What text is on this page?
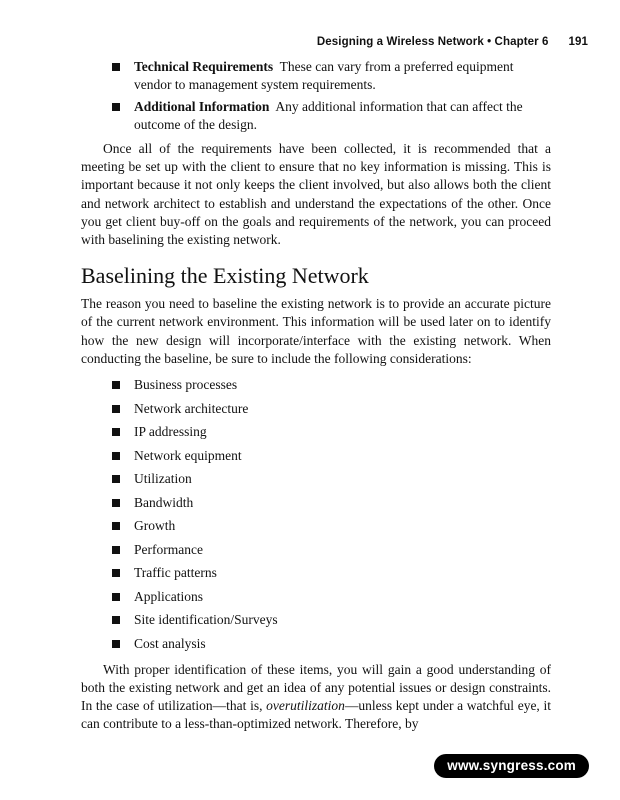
Designing a Wireless Network • Chapter 6 191
Technical Requirements These can vary from a preferred equipment vendor to management system requirements.
Additional Information Any additional information that can affect the outcome of the design.

Once all of the requirements have been collected, it is recommended that a meeting be set up with the client to ensure that no key information is missing. This is important because it not only keeps the client involved, but also allows both the client and network architect to establish and understand the expectations of the other. Once you get client buy-off on the goals and requirements of the network, you can proceed with baselining the existing network.

Baselining the Existing Network

The reason you need to baseline the existing network is to provide an accurate picture of the current network environment. This information will be used later on to identify how the new design will incorporate/interface with the existing network. When conducting the baseline, be sure to include the following considerations:

Business processes
Network architecture
IP addressing
Network equipment
Utilization
Bandwidth
Growth
Performance
Traffic patterns
Applications
Site identification/Surveys
Cost analysis

With proper identification of these items, you will gain a good understanding of both the existing network and get an idea of any potential issues or design constraints. In the case of utilization—that is, overutilization—unless kept under a watchful eye, it can contribute to a less-than-optimized network. Therefore, by

www.syngress.com
